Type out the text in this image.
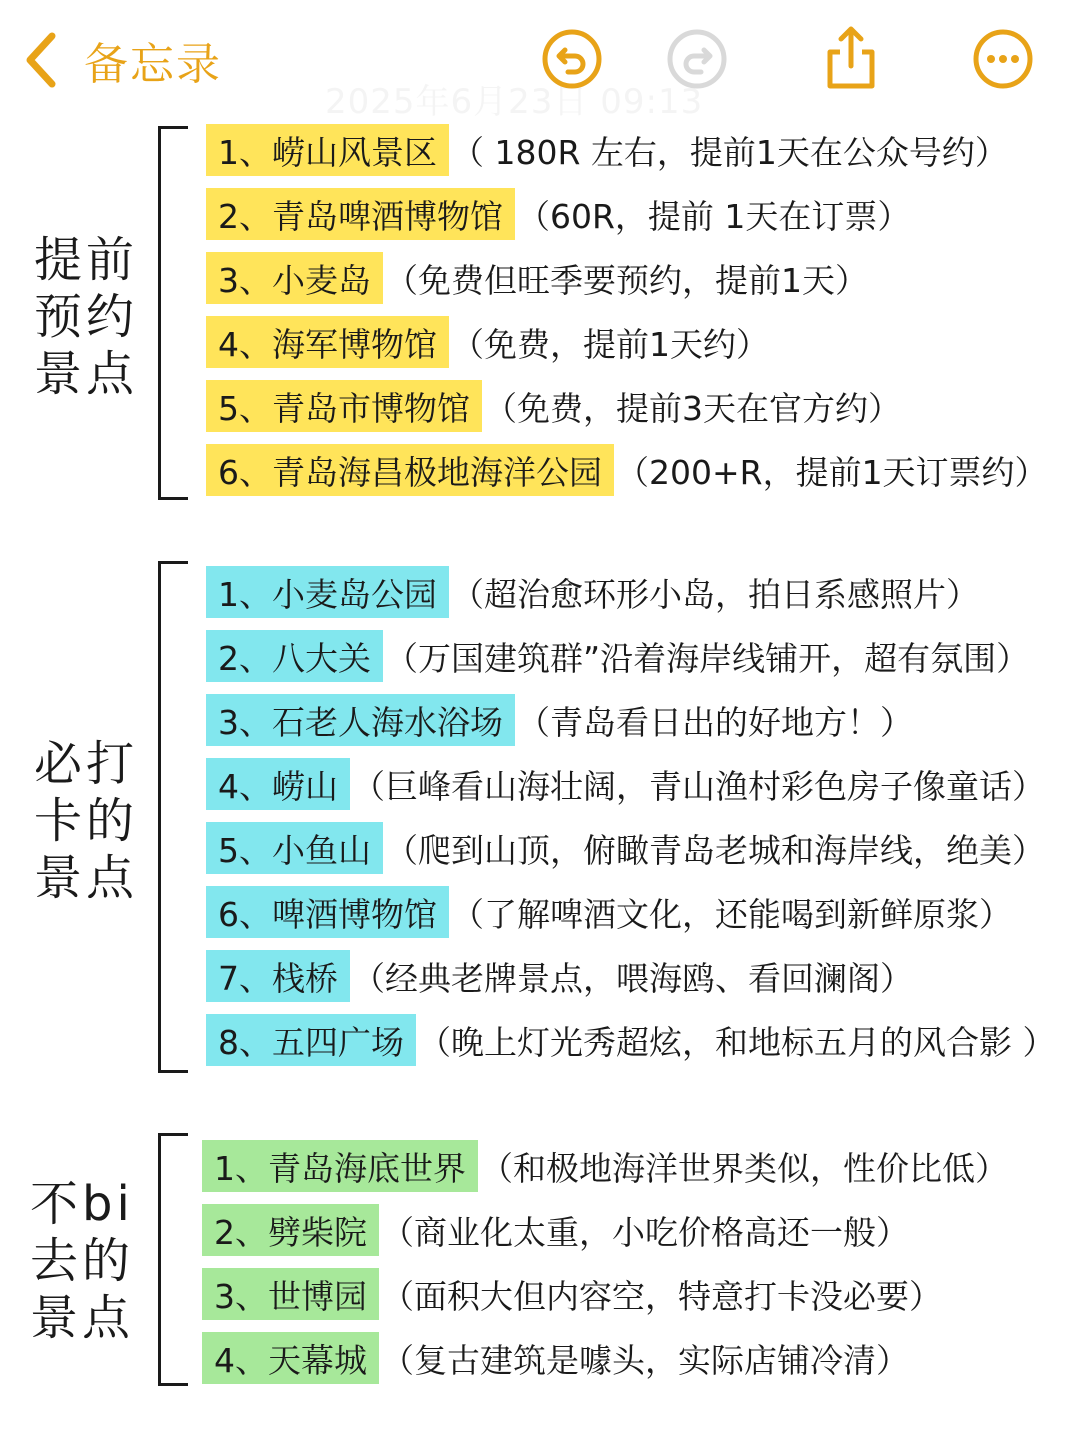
备忘录
2025年6月23日 09:13
提前
预约
景点
1、 崂山风景区 （ 180R 左右，提前1天在公众号约）
2、 青岛啤酒博物馆 （60R，提前 1天在订票）
3、 小麦岛 （免费但旺季要预约，提前1天）
4、 海军博物馆 （免费，提前1天约）
5、 青岛市博物馆 （免费，提前3天在官方约）
6、 青岛海昌极地海洋公园 （200+R，提前1天订票约）
必打
卡的
景点
1、 小麦岛公园 （超治愈环形小岛，拍日系感照片）
2、 八大关 （万国建筑群”沿着海岸线铺开，超有氛围）
3、 石老人海水浴场 （青岛看日出的好地方！）
4、 崂山 （巨峰看山海壮阔，青山渔村彩色房子像童话）
5、 小鱼山 （爬到山顶，俯瞰青岛老城和海岸线，绝美）
6、 啤酒博物馆 （了解啤酒文化，还能喝到新鲜原浆）
7、 栈桥 （经典老牌景点，喂海鸥、看回澜阁）
8、 五四广场 （晚上灯光秀超炫，和地标五月的风合影 ）
不bi
去的
景点
1、 青岛海底世界 （和极地海洋世界类似，性价比低）
2、 劈柴院 （商业化太重，小吃价格高还一般）
3、 世博园 （面积大但内容空，特意打卡没必要）
4、 天幕城 （复古建筑是噱头，实际店铺冷清）
